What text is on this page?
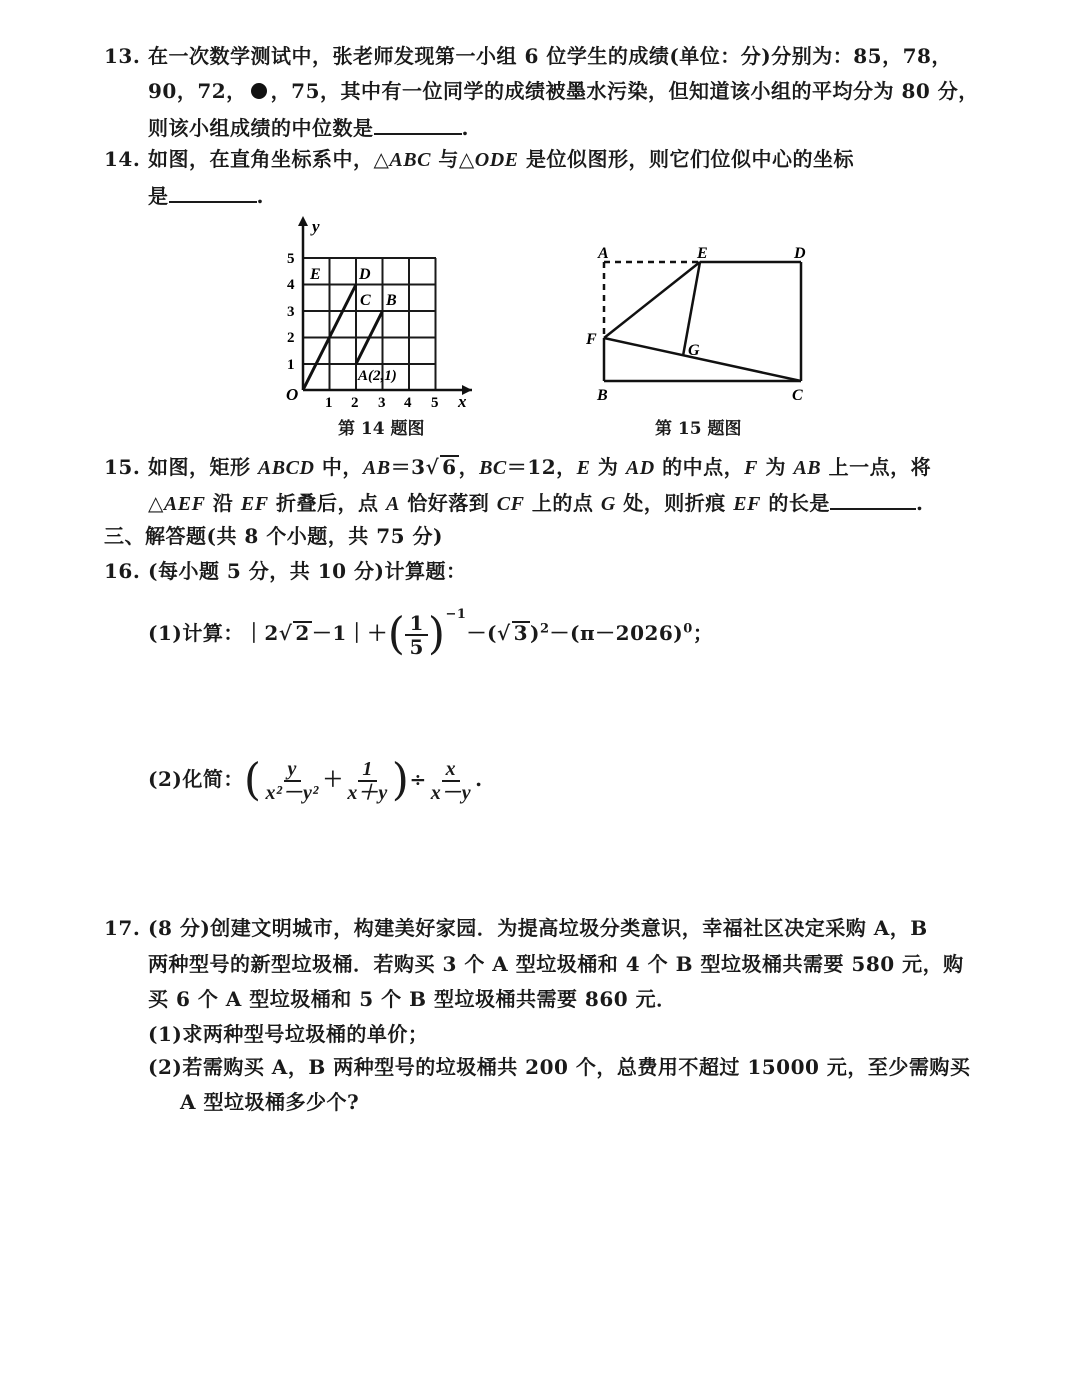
13. 在一次数学测试中，张老师发现第一小组 6 位学生的成绩(单位：分)分别为：85，78，
90，72， ，75，其中有一位同学的成绩被墨水污染，但知道该小组的平均分为 80 分，
则该小组成绩的中位数是	.
14. 如图，在直角坐标系中，△ABC 与△ODE 是位似图形，则它们位似中心的坐标
是	.
y
x
O 1 2 3 4 5
1
2
3
4
5
E D
C B
A(2,1)
第 14 题图
A	E	D
F
G
B	C
第 15 题图
15. 如图，矩形 ABCD 中，AB＝3√ 6 ，BC＝12，E 为 AD 的中点，F 为 AB 上一点，将
△AEF 沿 EF 折叠后，点 A 恰好落到 CF 上的点 G 处，则折痕 EF 的长是	.
三、解答题(共 8 个小题，共 75 分)
16. (每小题 5 分，共 10 分)计算题：
(1)计算：｜2√ 2 －1｜＋( $\frac{1}{5} )^{-1}-(√$ 3 )$^2-(\pi-2026)^0$；
(2)化简：( $\frac{y}{\text{x²－y²}} + \frac{1}{x+y}$ )÷ $\frac{x}{x-y}$ .
17. (8 分)创建文明城市，构建美好家园．为提高垃圾分类意识，幸福社区决定采购 A，B
两种型号的新型垃圾桶．若购买 3 个 A 型垃圾桶和 4 个 B 型垃圾桶共需要 580 元，购
买 6 个 A 型垃圾桶和 5 个 B 型垃圾桶共需要 860 元．
(1)求两种型号垃圾桶的单价；
(2)若需购买 A，B 两种型号的垃圾桶共 200 个，总费用不超过 15000 元，至少需购买
A 型垃圾桶多少个?
